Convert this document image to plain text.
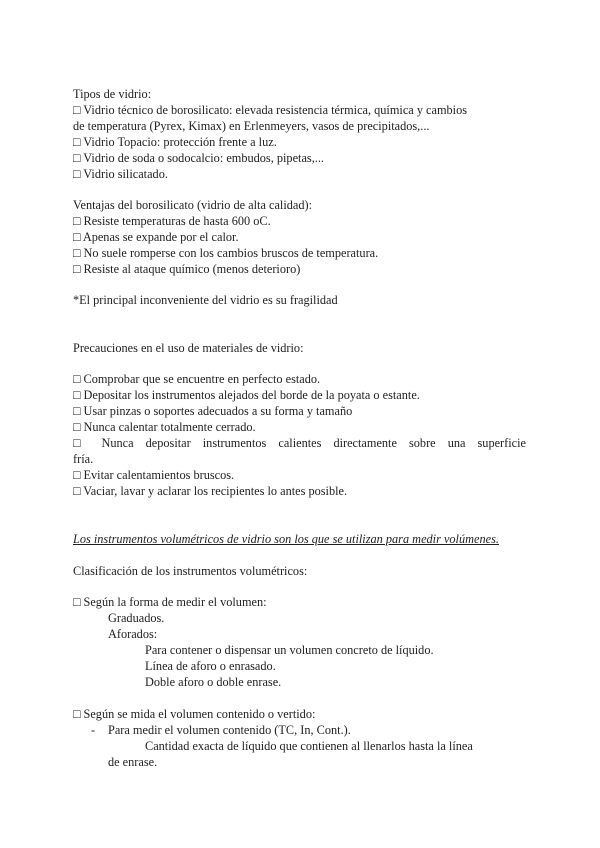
Tipos de vidrio:
□ Vidrio técnico de borosilicato: elevada resistencia térmica, química y cambios
de temperatura (Pyrex, Kimax) en Erlenmeyers, vasos de precipitados,...
□ Vidrio Topacio: protección frente a luz.
□ Vidrio de soda o sodocalcio: embudos, pipetas,...
□ Vidrio silicatado.
Ventajas del borosilicato (vidrio de alta calidad):
□ Resiste temperaturas de hasta 600 oC.
□ Apenas se expande por el calor.
□ No suele romperse con los cambios bruscos de temperatura.
□ Resiste al ataque químico (menos deterioro)
*El principal inconveniente del vidrio es su fragilidad
Precauciones en el uso de materiales de vidrio:
□ Comprobar que se encuentre en perfecto estado.
□ Depositar los instrumentos alejados del borde de la poyata o estante.
□ Usar pinzas o soportes adecuados a su forma y tamaño
□ Nunca calentar totalmente cerrado.
□ Nunca depositar instrumentos calientes directamente sobre una superficie
fría.
□ Evitar calentamientos bruscos.
□ Vaciar, lavar y aclarar los recipientes lo antes posible.
Los instrumentos volumétricos de vidrio son los que se utilizan para medir volúmenes.
Clasificación de los instrumentos volumétricos:
□ Según la forma de medir el volumen:
Graduados.
Aforados:
Para contener o dispensar un volumen concreto de líquido.
Línea de aforo o enrasado.
Doble aforo o doble enrase.
□ Según se mida el volumen contenido o vertido:
- Para medir el volumen contenido (TC, In, Cont.).
Cantidad exacta de líquido que contienen al llenarlos hasta la línea
de enrase.
